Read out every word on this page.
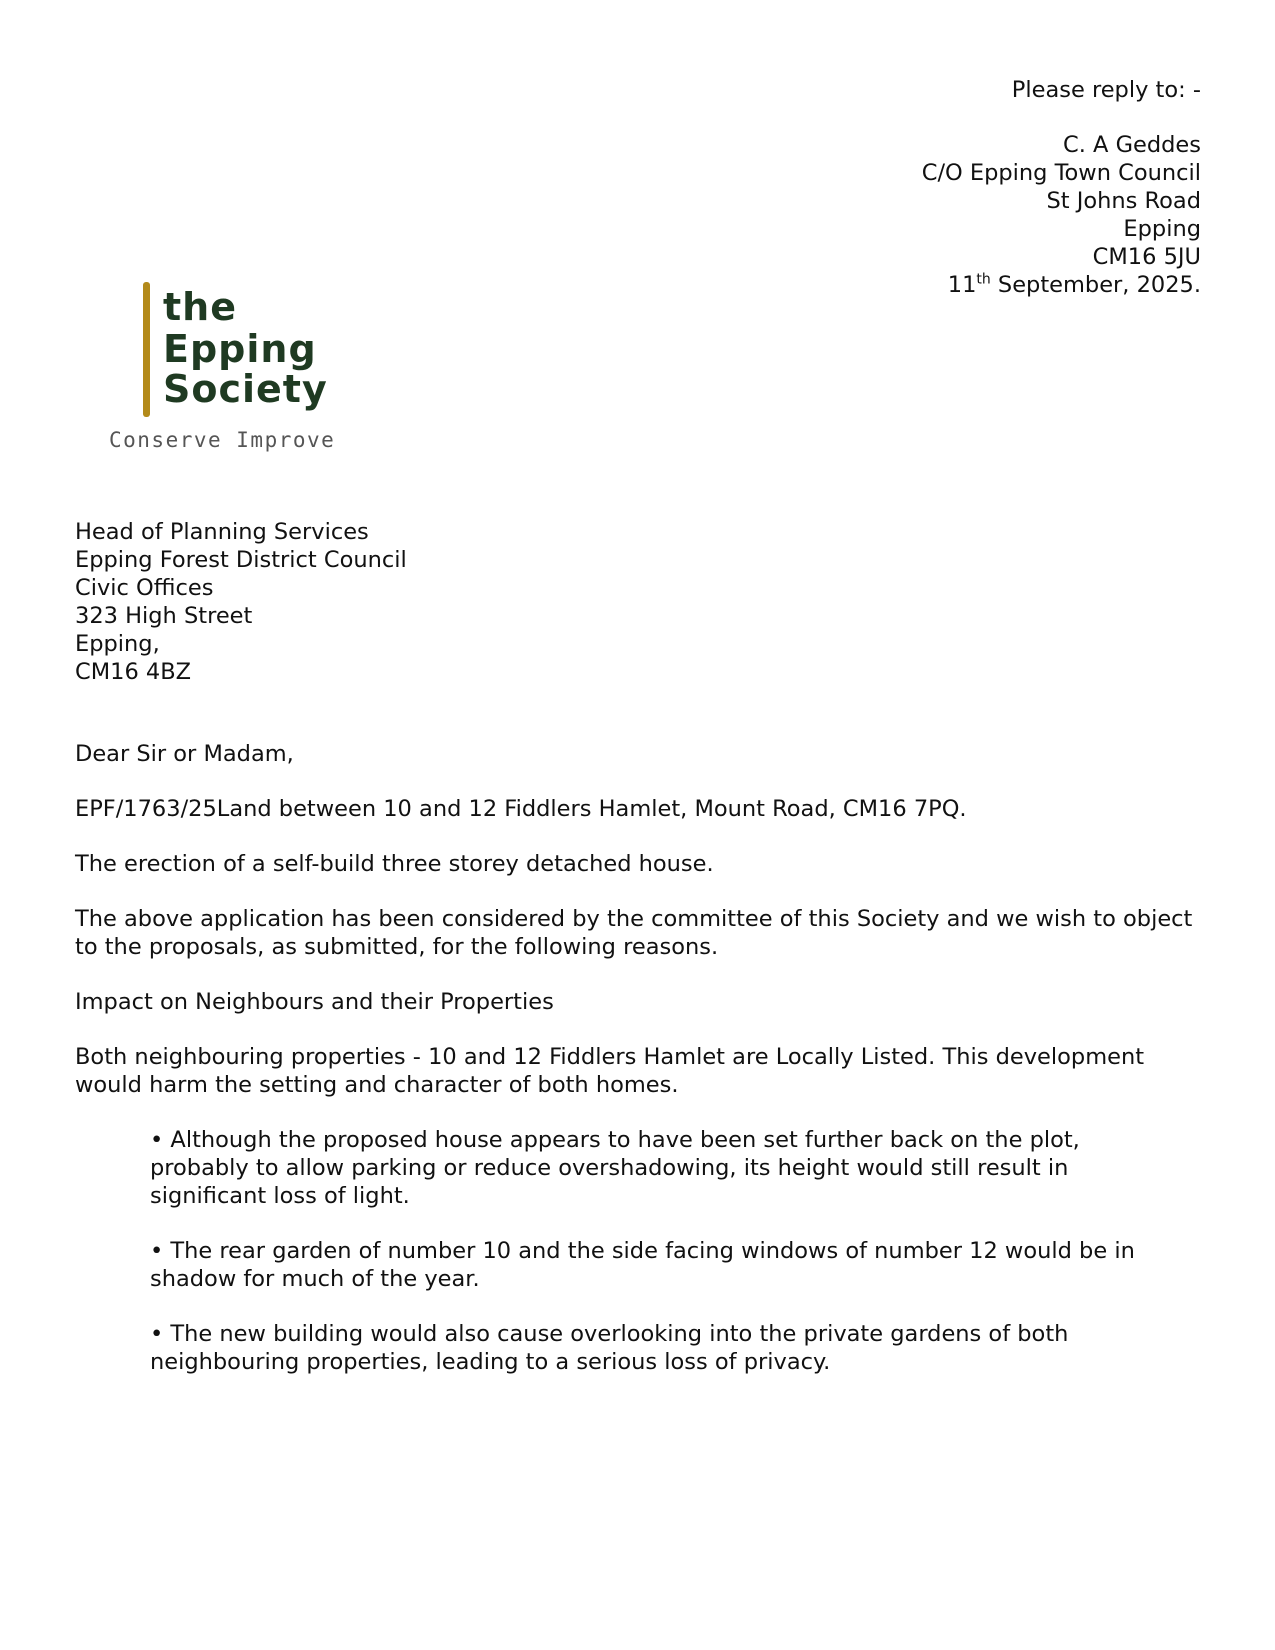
Please reply to: -
C. A Geddes
C/O Epping Town Council
St Johns Road
Epping
CM16 5JU
11th September, 2025.
the
Epping
Society
Conserve Improve
Head of Planning Services
Epping Forest District Council
Civic Offices
323 High Street
Epping,
CM16 4BZ

Dear Sir or Madam,

EPF/1763/25Land between 10 and 12 Fiddlers Hamlet, Mount Road, CM16 7PQ.

The erection of a self-build three storey detached house.

The above application has been considered by the committee of this Society and we wish to object to the proposals, as submitted, for the following reasons.

Impact on Neighbours and their Properties

Both neighbouring properties - 10 and 12 Fiddlers Hamlet are Locally Listed. This development would harm the setting and character of both homes.

• Although the proposed house appears to have been set further back on the plot, probably to allow parking or reduce overshadowing, its height would still result in significant loss of light.

• The rear garden of number 10 and the side facing windows of number 12 would be in shadow for much of the year.

• The new building would also cause overlooking into the private gardens of both neighbouring properties, leading to a serious loss of privacy.
